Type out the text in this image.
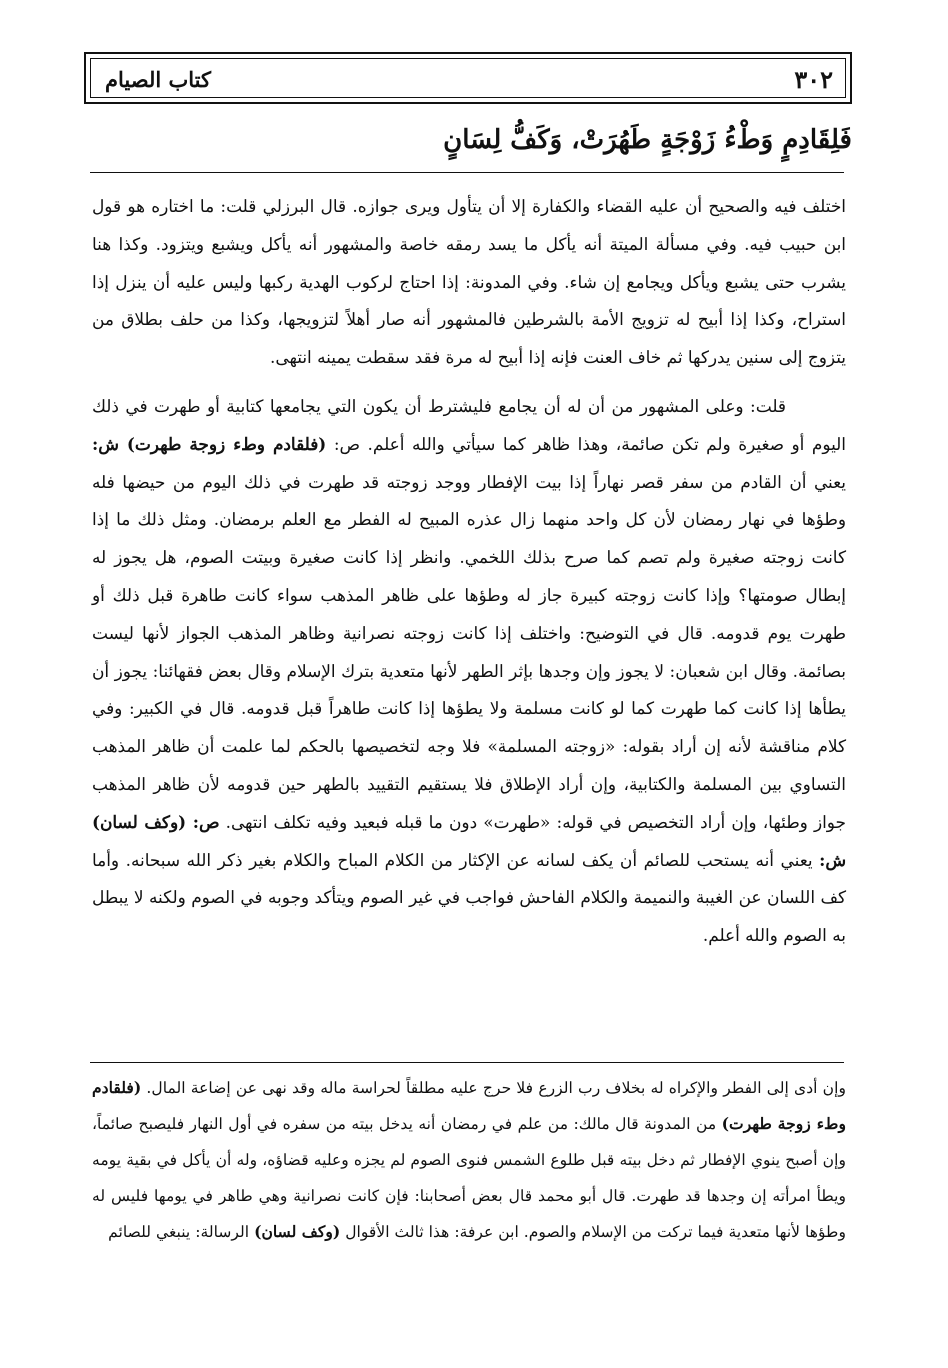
٣٠٢
كتاب الصيام
فَلِقَادِمٍ وَطْءُ زَوْجَةٍ طَهُرَتْ، وَكَفُّ لِسَانٍ

اختلف فيه والصحيح أن عليه القضاء والكفارة إلا أن يتأول ويرى جوازه. قال البرزلي قلت: ما اختاره هو قول ابن حبيب فيه. وفي مسألة الميتة أنه يأكل ما يسد رمقه خاصة والمشهور أنه يأكل ويشبع ويتزود. وكذا هنا يشرب حتى يشبع ويأكل ويجامع إن شاء. وفي المدونة: إذا احتاج لركوب الهدية ركبها وليس عليه أن ينزل إذا استراح، وكذا إذا أبيح له تزويج الأمة بالشرطين فالمشهور أنه صار أهلاً لتزويجها، وكذا من حلف بطلاق من يتزوج إلى سنين يدركها ثم خاف العنت فإنه إذا أبيح له مرة فقد سقطت يمينه انتهى.

قلت: وعلى المشهور من أن له أن يجامع فليشترط أن يكون التي يجامعها كتابية أو طهرت في ذلك اليوم أو صغيرة ولم تكن صائمة، وهذا ظاهر كما سيأتي والله أعلم. ص: (فلقادم وطء زوجة طهرت) ش: يعني أن القادم من سفر قصر نهاراً إذا بيت الإفطار ووجد زوجته قد طهرت في ذلك اليوم من حيضها فله وطؤها في نهار رمضان لأن كل واحد منهما زال عذره المبيح له الفطر مع العلم برمضان. ومثل ذلك ما إذا كانت زوجته صغيرة ولم تصم كما صرح بذلك اللخمي. وانظر إذا كانت صغيرة وبيتت الصوم، هل يجوز له إبطال صومتها؟ وإذا كانت زوجته كبيرة جاز له وطؤها على ظاهر المذهب سواء كانت طاهرة قبل ذلك أو طهرت يوم قدومه. قال في التوضيح: واختلف إذا كانت زوجته نصرانية وظاهر المذهب الجواز لأنها ليست بصائمة. وقال ابن شعبان: لا يجوز وإن وجدها بإثر الطهر لأنها متعدية بترك الإسلام وقال بعض فقهائنا: يجوز أن يطأها إذا كانت كما طهرت كما لو كانت مسلمة ولا يطؤها إذا كانت طاهراً قبل قدومه. قال في الكبير: وفي كلام مناقشة لأنه إن أراد بقوله: «زوجته المسلمة» فلا وجه لتخصيصها بالحكم لما علمت أن ظاهر المذهب التساوي بين المسلمة والكتابية، وإن أراد الإطلاق فلا يستقيم التقييد بالطهر حين قدومه لأن ظاهر المذهب جواز وطئها، وإن أراد التخصيص في قوله: «طهرت» دون ما قبله فبعيد وفيه تكلف انتهى. ص: (وكف لسان) ش: يعني أنه يستحب للصائم أن يكف لسانه عن الإكثار من الكلام المباح والكلام بغير ذكر الله سبحانه. وأما كف اللسان عن الغيبة والنميمة والكلام الفاحش فواجب في غير الصوم ويتأكد وجوبه في الصوم ولكنه لا يبطل به الصوم والله أعلم.

وإن أدى إلى الفطر والإكراه له بخلاف رب الزرع فلا حرج عليه مطلقاً لحراسة ماله وقد نهى عن إضاعة المال. (فلقادم وطء زوجة طهرت) من المدونة قال مالك: من علم في رمضان أنه يدخل بيته من سفره في أول النهار فليصبح صائماً، وإن أصبح ينوي الإفطار ثم دخل بيته قبل طلوع الشمس فنوى الصوم لم يجزه وعليه قضاؤه، وله أن يأكل في بقية يومه ويطأ امرأته إن وجدها قد طهرت. قال أبو محمد قال بعض أصحابنا: فإن كانت نصرانية وهي طاهر في يومها فليس له وطؤها لأنها متعدية فيما تركت من الإسلام والصوم. ابن عرفة: هذا ثالث الأقوال (وكف لسان) الرسالة: ينبغي للصائم
